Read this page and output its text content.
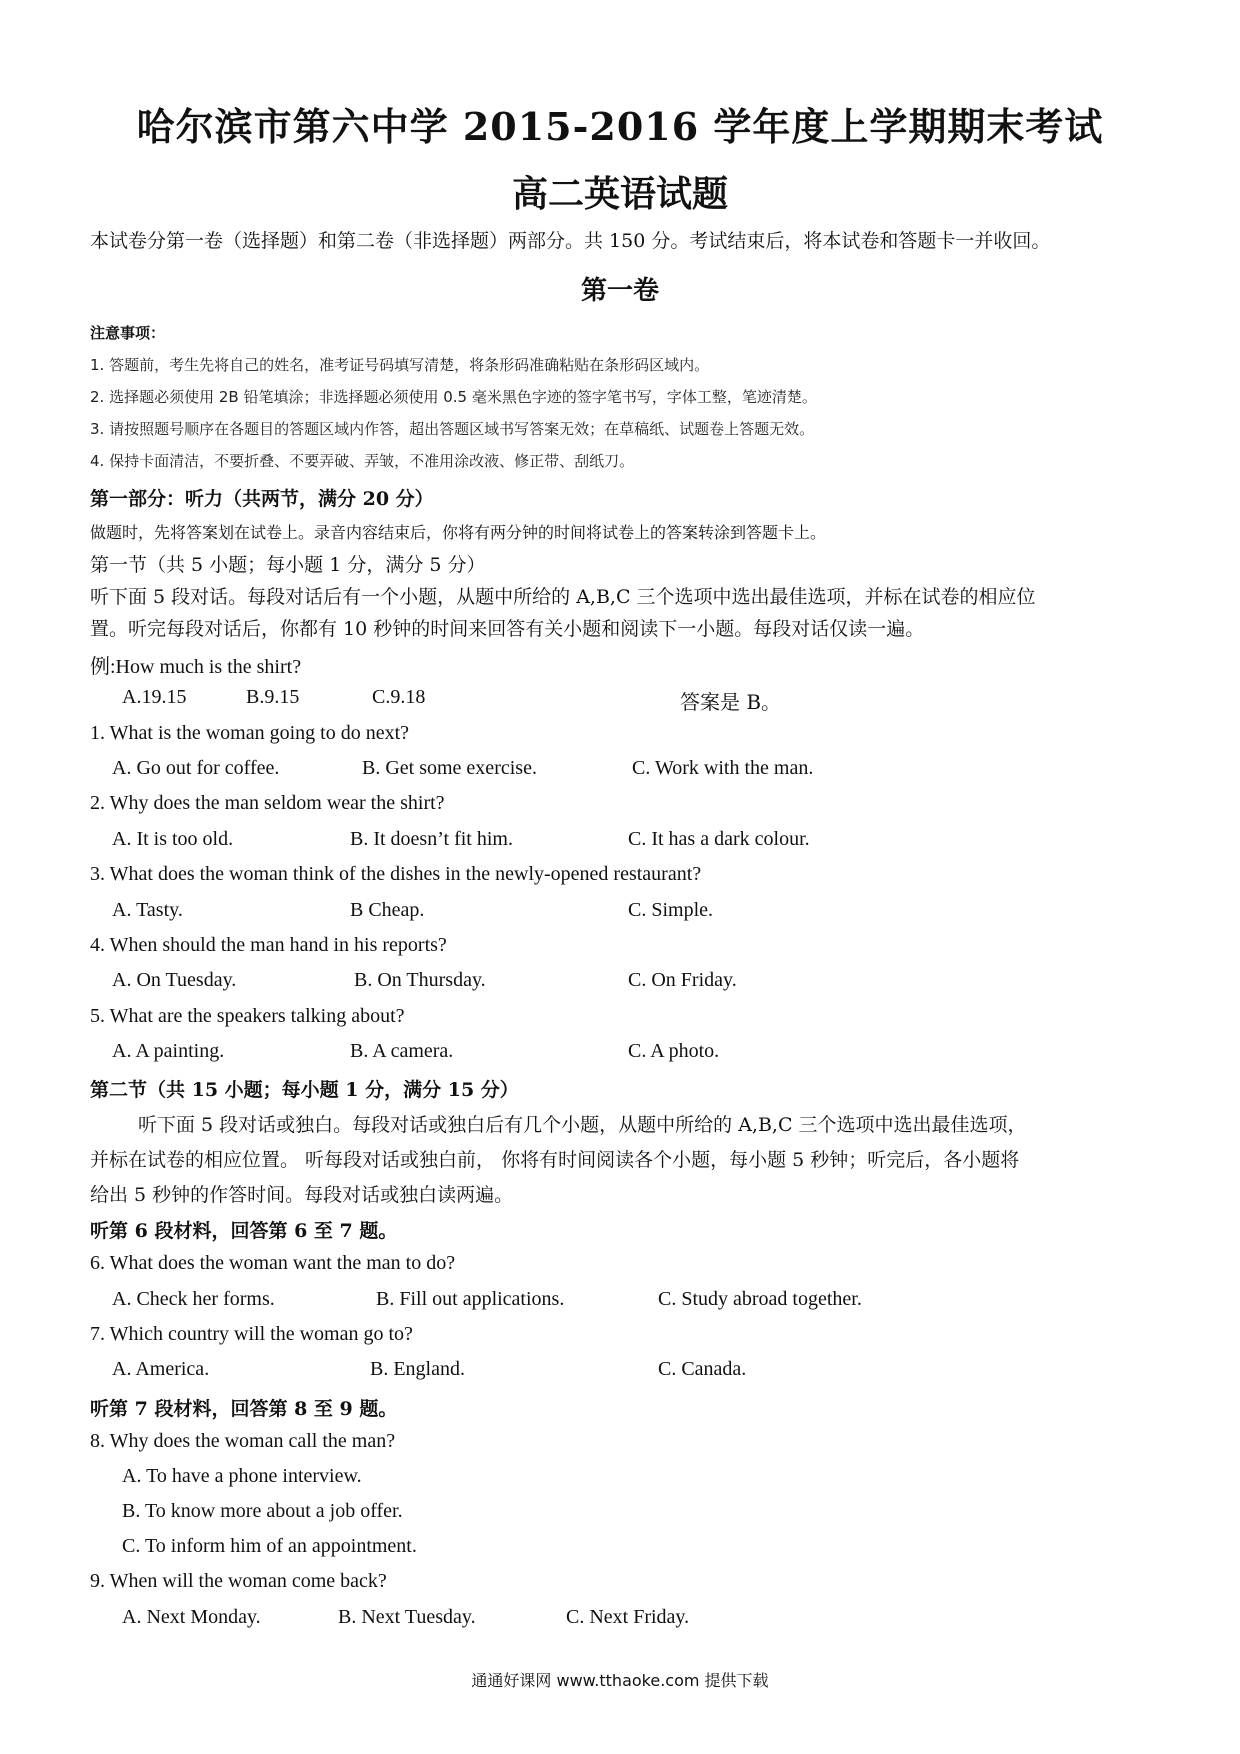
哈尔滨市第六中学 2015-2016 学年度上学期期末考试
高二英语试题
本试卷分第一卷（选择题）和第二卷（非选择题）两部分。共 150 分。考试结束后，将本试卷和答题卡一并收回。
第一卷
注意事项：
1. 答题前，考生先将自己的姓名，准考证号码填写清楚，将条形码准确粘贴在条形码区域内。
2. 选择题必须使用 2B 铅笔填涂；非选择题必须使用 0.5 毫米黑色字迹的签字笔书写，字体工整，笔迹清楚。
3. 请按照题号顺序在各题目的答题区域内作答，超出答题区域书写答案无效；在草稿纸、试题卷上答题无效。
4. 保持卡面清洁，不要折叠、不要弄破、弄皱，不准用涂改液、修正带、刮纸刀。
第一部分：听力（共两节，满分 20 分）
做题时，先将答案划在试卷上。录音内容结束后，你将有两分钟的时间将试卷上的答案转涂到答题卡上。
第一节（共 5 小题；每小题 1 分，满分 5 分）
听下面 5 段对话。每段对话后有一个小题，从题中所给的 A,B,C 三个选项中选出最佳选项，并标在试卷的相应位
置。听完每段对话后，你都有 10 秒钟的时间来回答有关小题和阅读下一小题。每段对话仅读一遍。
例:How much is the shirt?
A.19.15	B.9.15	C.9.18	答案是 B。
1. What is the woman going to do next?
A. Go out for coffee.	B. Get some exercise.	C. Work with the man.
2. Why does the man seldom wear the shirt?
A. It is too old.	B. It doesn’t fit him.	C. It has a dark colour.
3. What does the woman think of the dishes in the newly-opened restaurant?
A. Tasty.	B Cheap.	C. Simple.
4. When should the man hand in his reports?
A. On Tuesday.	B. On Thursday.	C. On Friday.
5. What are the speakers talking about?
A. A painting.	B. A camera.	C. A photo.
第二节（共 15 小题；每小题 1 分，满分 15 分）
听下面 5 段对话或独白。每段对话或独白后有几个小题，从题中所给的 A,B,C 三个选项中选出最佳选项，
并标在试卷的相应位置。 听每段对话或独白前， 你将有时间阅读各个小题，每小题 5 秒钟；听完后，各小题将
给出 5 秒钟的作答时间。每段对话或独白读两遍。
听第 6 段材料，回答第 6 至 7 题。
6. What does the woman want the man to do?
A. Check her forms.	B. Fill out applications.	C. Study abroad together.
7. Which country will the woman go to?
A. America.	B. England.	C. Canada.
听第 7 段材料，回答第 8 至 9 题。
8. Why does the woman call the man?
A. To have a phone interview.
B. To know more about a job offer.
C. To inform him of an appointment.
9. When will the woman come back?
A. Next Monday.	B. Next Tuesday.	C. Next Friday.
通通好课网 www.tthaoke.com 提供下载
